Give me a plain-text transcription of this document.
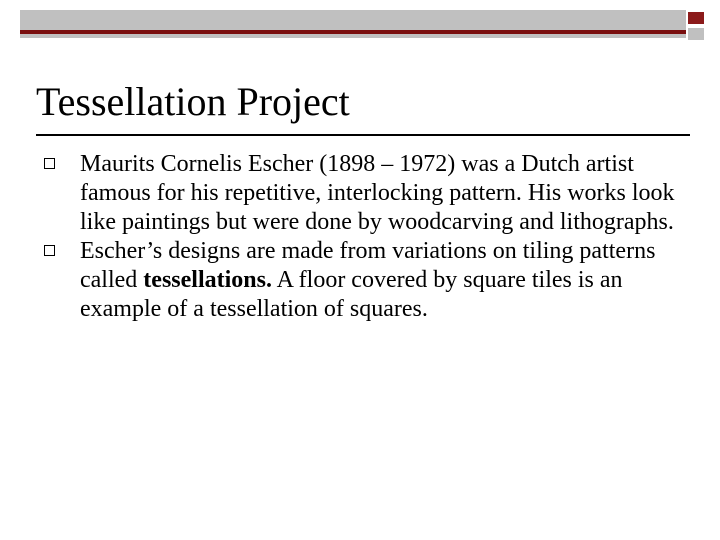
Tessellation Project
Maurits Cornelis Escher (1898 – 1972) was a Dutch artist famous for his repetitive, interlocking pattern. His works look like paintings but were done by woodcarving and lithographs.
Escher’s designs are made from variations on tiling patterns called tessellations. A floor covered by square tiles is an example of a tessellation of squares.
